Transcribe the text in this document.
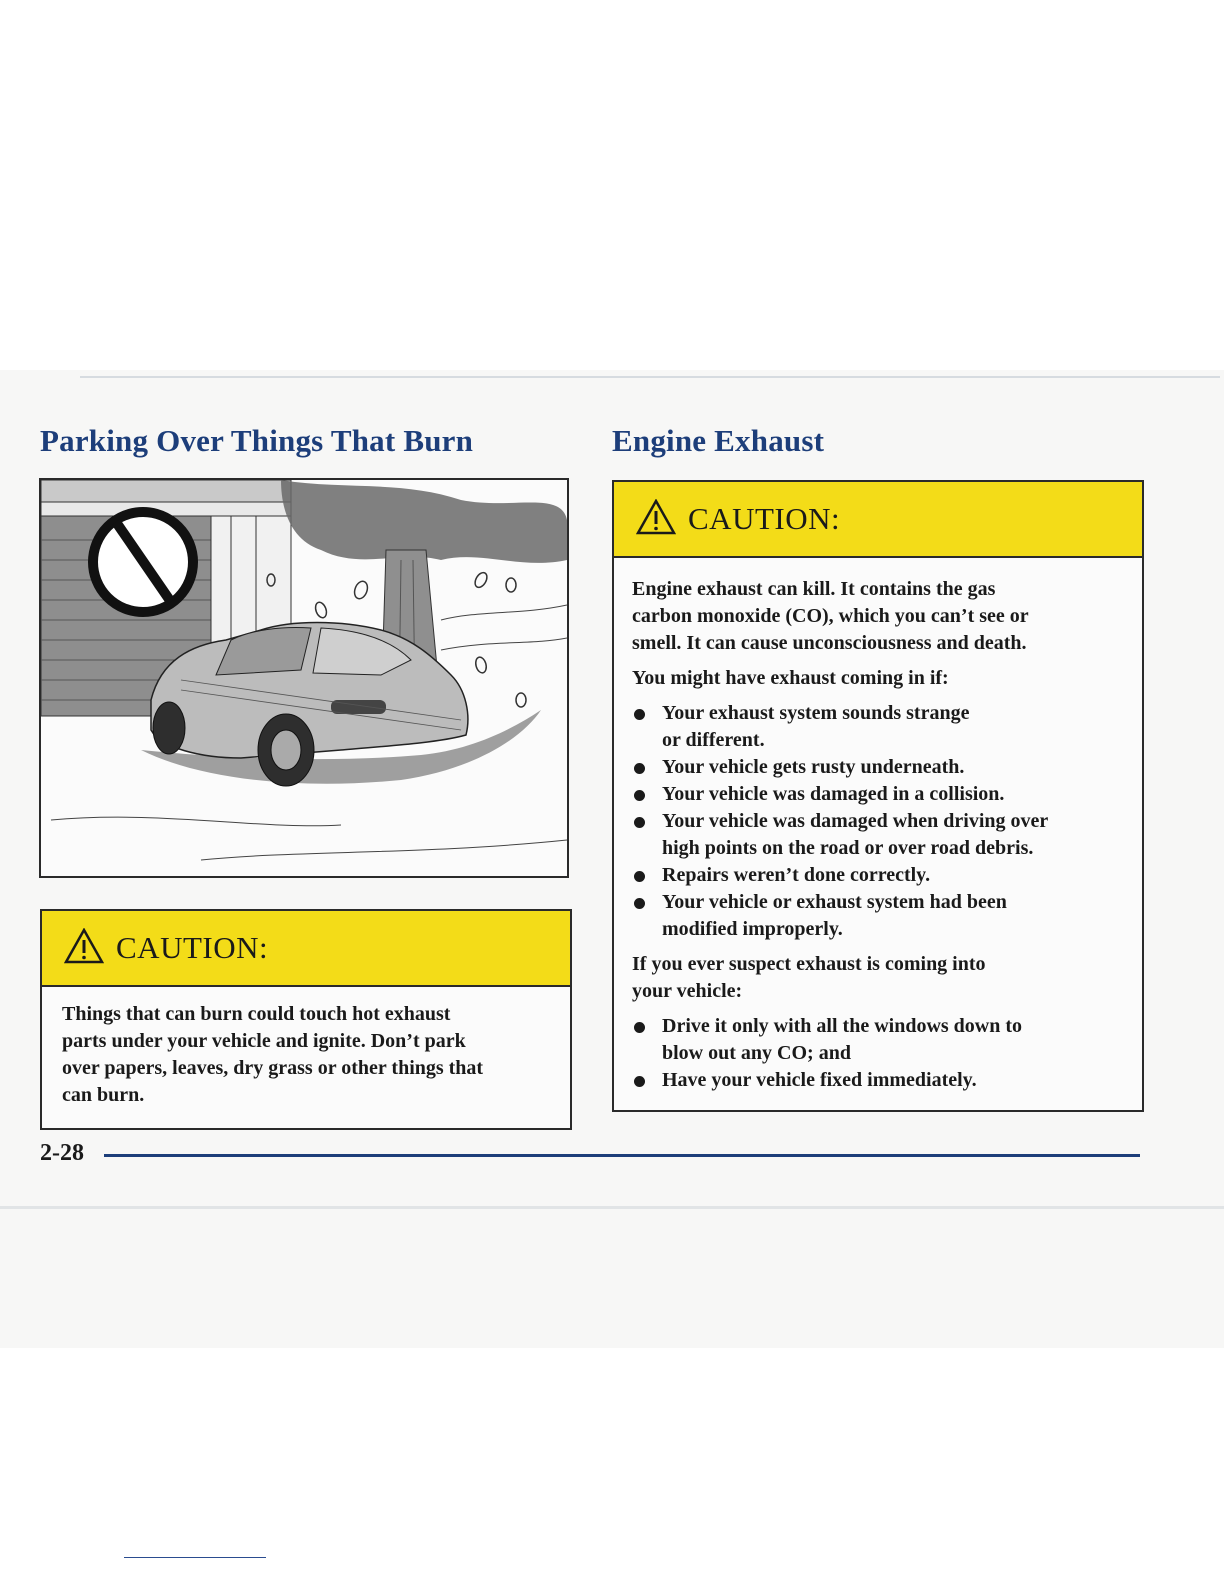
Parking Over Things That Burn	Engine Exhaust
CAUTION:
Things that can burn could touch hot exhaust
parts under your vehicle and ignite. Don’t park
over papers, leaves, dry grass or other things that
can burn.
CAUTION:

Engine exhaust can kill. It contains the gas
carbon monoxide (CO), which you can’t see or
smell. It can cause unconsciousness and death.

You might have exhaust coming in if:

Your exhaust system sounds strange
or different.
Your vehicle gets rusty underneath.
Your vehicle was damaged in a collision.
Your vehicle was damaged when driving over
high points on the road or over road debris.
Repairs weren’t done correctly.
Your vehicle or exhaust system had been
modified improperly.

If you ever suspect exhaust is coming into
your vehicle:

Drive it only with all the windows down to
blow out any CO; and
Have your vehicle fixed immediately.
2-28
